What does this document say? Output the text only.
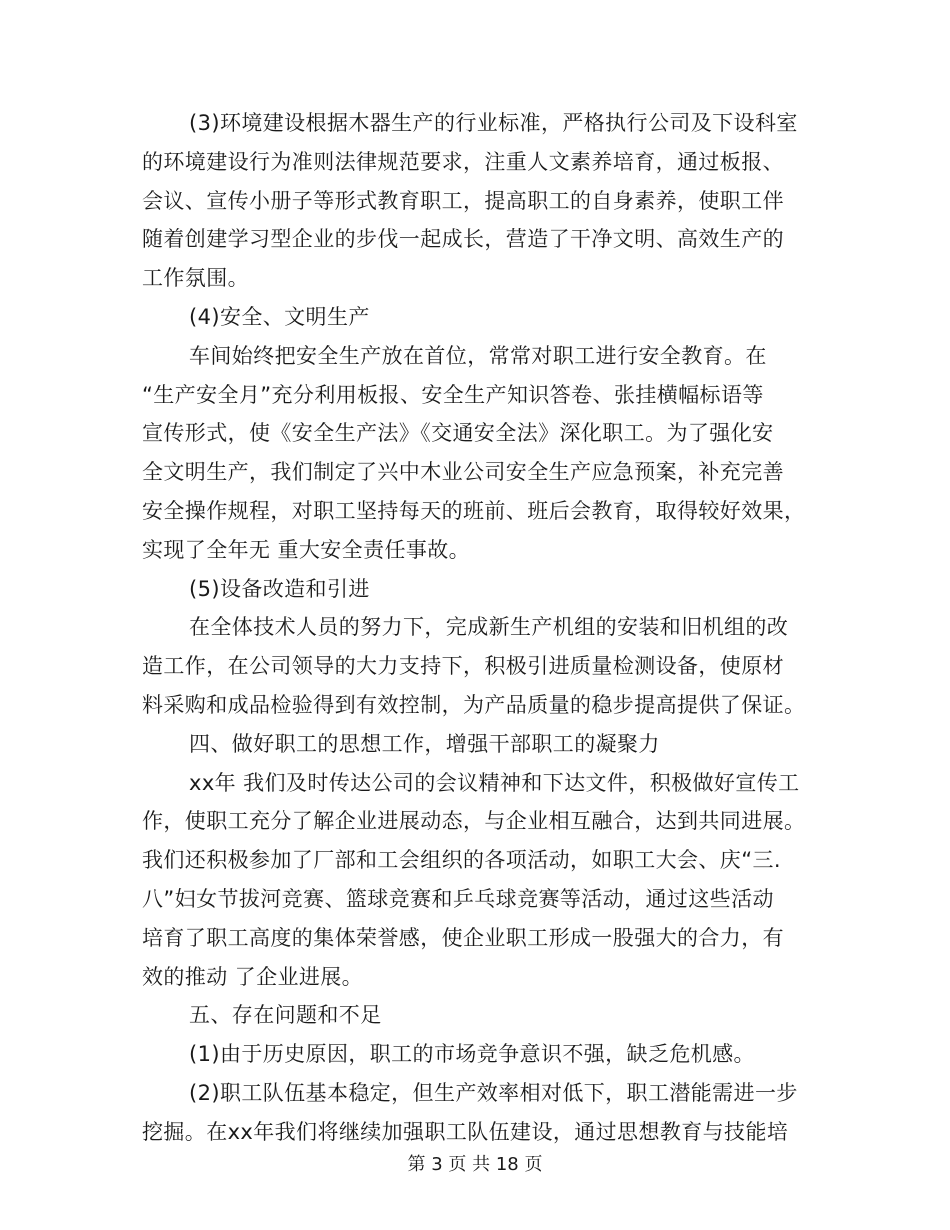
(3)环境建设根据木器生产的行业标准，严格执行公司及下设科室
的环境建设行为准则法律规范要求，注重人文素养培育，通过板报、
会议、宣传小册子等形式教育职工，提高职工的自身素养，使职工伴
随着创建学习型企业的步伐一起成长，营造了干净文明、高效生产的
工作氛围。
(4)安全、文明生产
车间始终把安全生产放在首位，常常对职工进行安全教育。在
“生产安全月”充分利用板报、安全生产知识答卷、张挂横幅标语等
宣传形式，使《安全生产法》《交通安全法》深化职工。为了强化安
全文明生产，我们制定了兴中木业公司安全生产应急预案，补充完善
安全操作规程，对职工坚持每天的班前、班后会教育，取得较好效果，
实现了全年无 重大安全责任事故。
(5)设备改造和引进
在全体技术人员的努力下，完成新生产机组的安装和旧机组的改
造工作，在公司领导的大力支持下，积极引进质量检测设备，使原材
料采购和成品检验得到有效控制，为产品质量的稳步提高提供了保证。
四、做好职工的思想工作，增强干部职工的凝聚力
xx年 我们及时传达公司的会议精神和下达文件，积极做好宣传工
作，使职工充分了解企业进展动态，与企业相互融合，达到共同进展。
我们还积极参加了厂部和工会组织的各项活动，如职工大会、庆“三.
八”妇女节拔河竞赛、篮球竞赛和乒乓球竞赛等活动，通过这些活动
培育了职工高度的集体荣誉感，使企业职工形成一股强大的合力，有
效的推动 了企业进展。
五、存在问题和不足
(1)由于历史原因，职工的市场竞争意识不强，缺乏危机感。
(2)职工队伍基本稳定，但生产效率相对低下，职工潜能需进一步
挖掘。在xx年我们将继续加强职工队伍建设，通过思想教育与技能培
第 3 页 共 18 页
